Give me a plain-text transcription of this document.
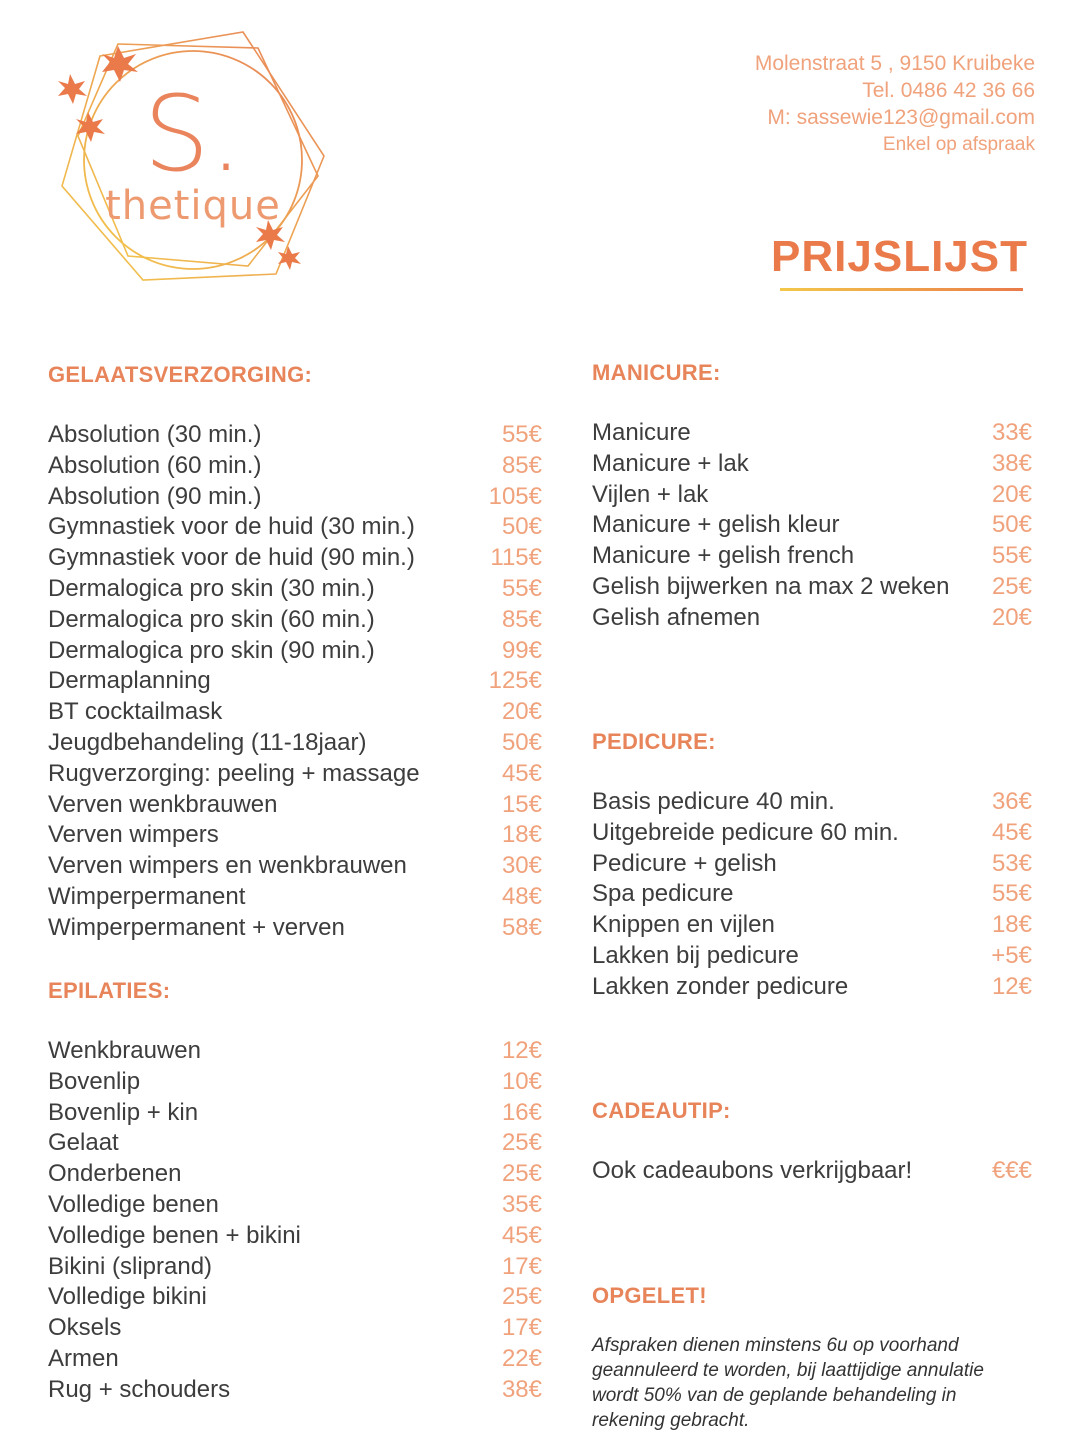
S.
thetique
Molenstraat 5 , 9150 Kruibeke
Tel. 0486 42 36 66
M: sassewie123@gmail.com
Enkel op afspraak
PRIJSLIJST
GELAATSVERZORGING:
Absolution (30 min.)	55€
Absolution (60 min.)	85€
Absolution (90 min.)	105€
Gymnastiek voor de huid (30 min.)	50€
Gymnastiek voor de huid (90 min.)	115€
Dermalogica pro skin (30 min.)	55€
Dermalogica pro skin (60 min.)	85€
Dermalogica pro skin (90 min.)	99€
Dermaplanning	125€
BT cocktailmask	20€
Jeugdbehandeling (11-18jaar)	50€
Rugverzorging: peeling + massage	45€
Verven wenkbrauwen	15€
Verven wimpers	18€
Verven wimpers en wenkbrauwen	30€
Wimperpermanent	48€
Wimperpermanent + verven	58€
EPILATIES:
Wenkbrauwen	12€
Bovenlip	10€
Bovenlip + kin	16€
Gelaat	25€
Onderbenen	25€
Volledige benen	35€
Volledige benen + bikini	45€
Bikini (sliprand)	17€
Volledige bikini	25€
Oksels	17€
Armen	22€
Rug + schouders	38€
MANICURE:
Manicure	33€
Manicure + lak	38€
Vijlen + lak	20€
Manicure + gelish kleur	50€
Manicure + gelish french	55€
Gelish bijwerken na max 2 weken 25€
Gelish afnemen	20€
PEDICURE:
Basis pedicure 40 min.	36€
Uitgebreide pedicure 60 min.	45€
Pedicure + gelish	53€
Spa pedicure	55€
Knippen en vijlen	18€
Lakken bij pedicure	+5€
Lakken zonder pedicure	12€
CADEAUTIP:
Ook cadeaubons verkrijgbaar!	€€€
OPGELET!

Afspraken dienen minstens 6u op voorhand geannuleerd te worden, bij laattijdige annulatie wordt 50% van de geplande behandeling in rekening gebracht.
